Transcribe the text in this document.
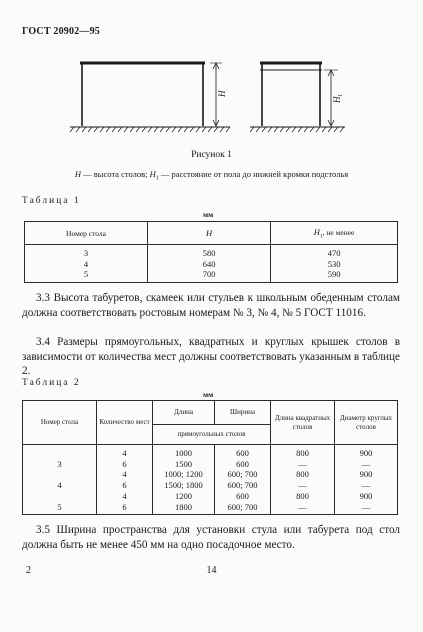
ГОСТ 20902—95
H
H
1
Рисунок 1
H — высота столов; $H_1$ — расстояние от пола до нижней кромки подстолья
Таблица 1
мм
Номер стола	H	$H_1$, не менее
3	580	470
4	640	530
5	700	590
3.3 Высота табуретов, скамеек или стульев к школьным обеденным столам должна соответствовать ростовым номерам № 3, № 4, № 5 ГОСТ 11016.
3.4 Размеры прямоугольных, квадратных и круглых крышек столов в зависимости от количества мест должны соответствовать указанным в таблице 2.
Таблица 2
мм
Номер стола	Количество мест	Длина	Ширина	Длина квадратных столов	Диаметр круглых столов
		прямоугольных столов			
	4	1000	600	800	900
3	6	1500	600	—	—
	4	1000; 1200	600; 700	800	900
4	6	1500; 1800	600; 700	—	—
	4	1200	600	800	900
5	6	1800	600; 700	—	—
3.5 Ширина пространства для установки стула или табурета под стол должна быть не менее 450 мм на одно посадочное место.
2	14
